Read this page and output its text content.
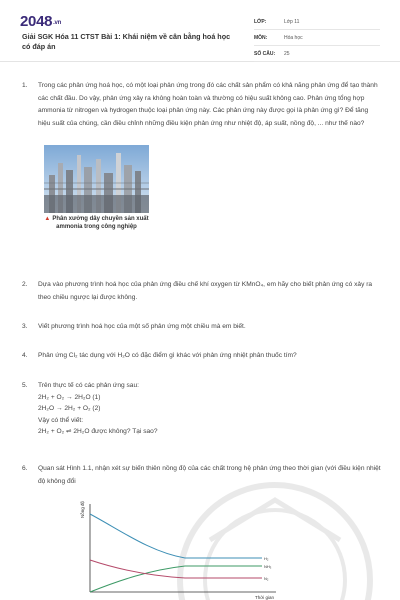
$2048^{.vn}$
Giải SGK Hóa 11 CTST Bài 1: Khái niệm về cân bằng hoá học có đáp án
LỚP:	Lớp 11
MÔN:	Hóa học
SỐ CÂU:	25
1.	Trong các phản ứng hoá học, có một loại phản ứng trong đó các chất sản phẩm có khả năng phản ứng để tạo thành các chất đầu. Do vậy, phản ứng xảy ra không hoàn toàn và thường có hiệu suất không cao. Phản ứng tổng hợp ammonia từ nitrogen và hydrogen thuộc loại phản ứng này. Các phản ứng này được gọi là phản ứng gì? Để tăng hiệu suất của chúng, cần điều chỉnh những điều kiện phản ứng như nhiệt độ, áp suất, nồng độ, ... như thế nào?
▲ Phân xưởng dây chuyền sản xuất ammonia trong công nghiệp
2.	Dựa vào phương trình hoá học của phản ứng điều chế khí oxygen từ KMnO₄, em hãy cho biết phản ứng có xảy ra theo chiều ngược lại được không.
3.	Viết phương trình hoá học của một số phản ứng một chiều mà em biết.
4.	Phản ứng Cl₂ tác dụng với H₂O có đặc điểm gì khác với phản ứng nhiệt phân thuốc tím?
5.	Trên thực tế có các phản ứng sau:
2H₂ + O₂ → 2H₂O (1)
2H₂O → 2H₂ + O₂ (2)
Vậy có thể viết:
2H₂ + O₂ ⇌ 2H₂O được không? Tại sao?
6.	Quan sát Hình 1.1, nhận xét sự biến thiên nồng độ của các chất trong hệ phản ứng theo thời gian (với điều kiện nhiệt độ không đổi
Nồng độ
Thời gian
H₂
NH₃
N₂
